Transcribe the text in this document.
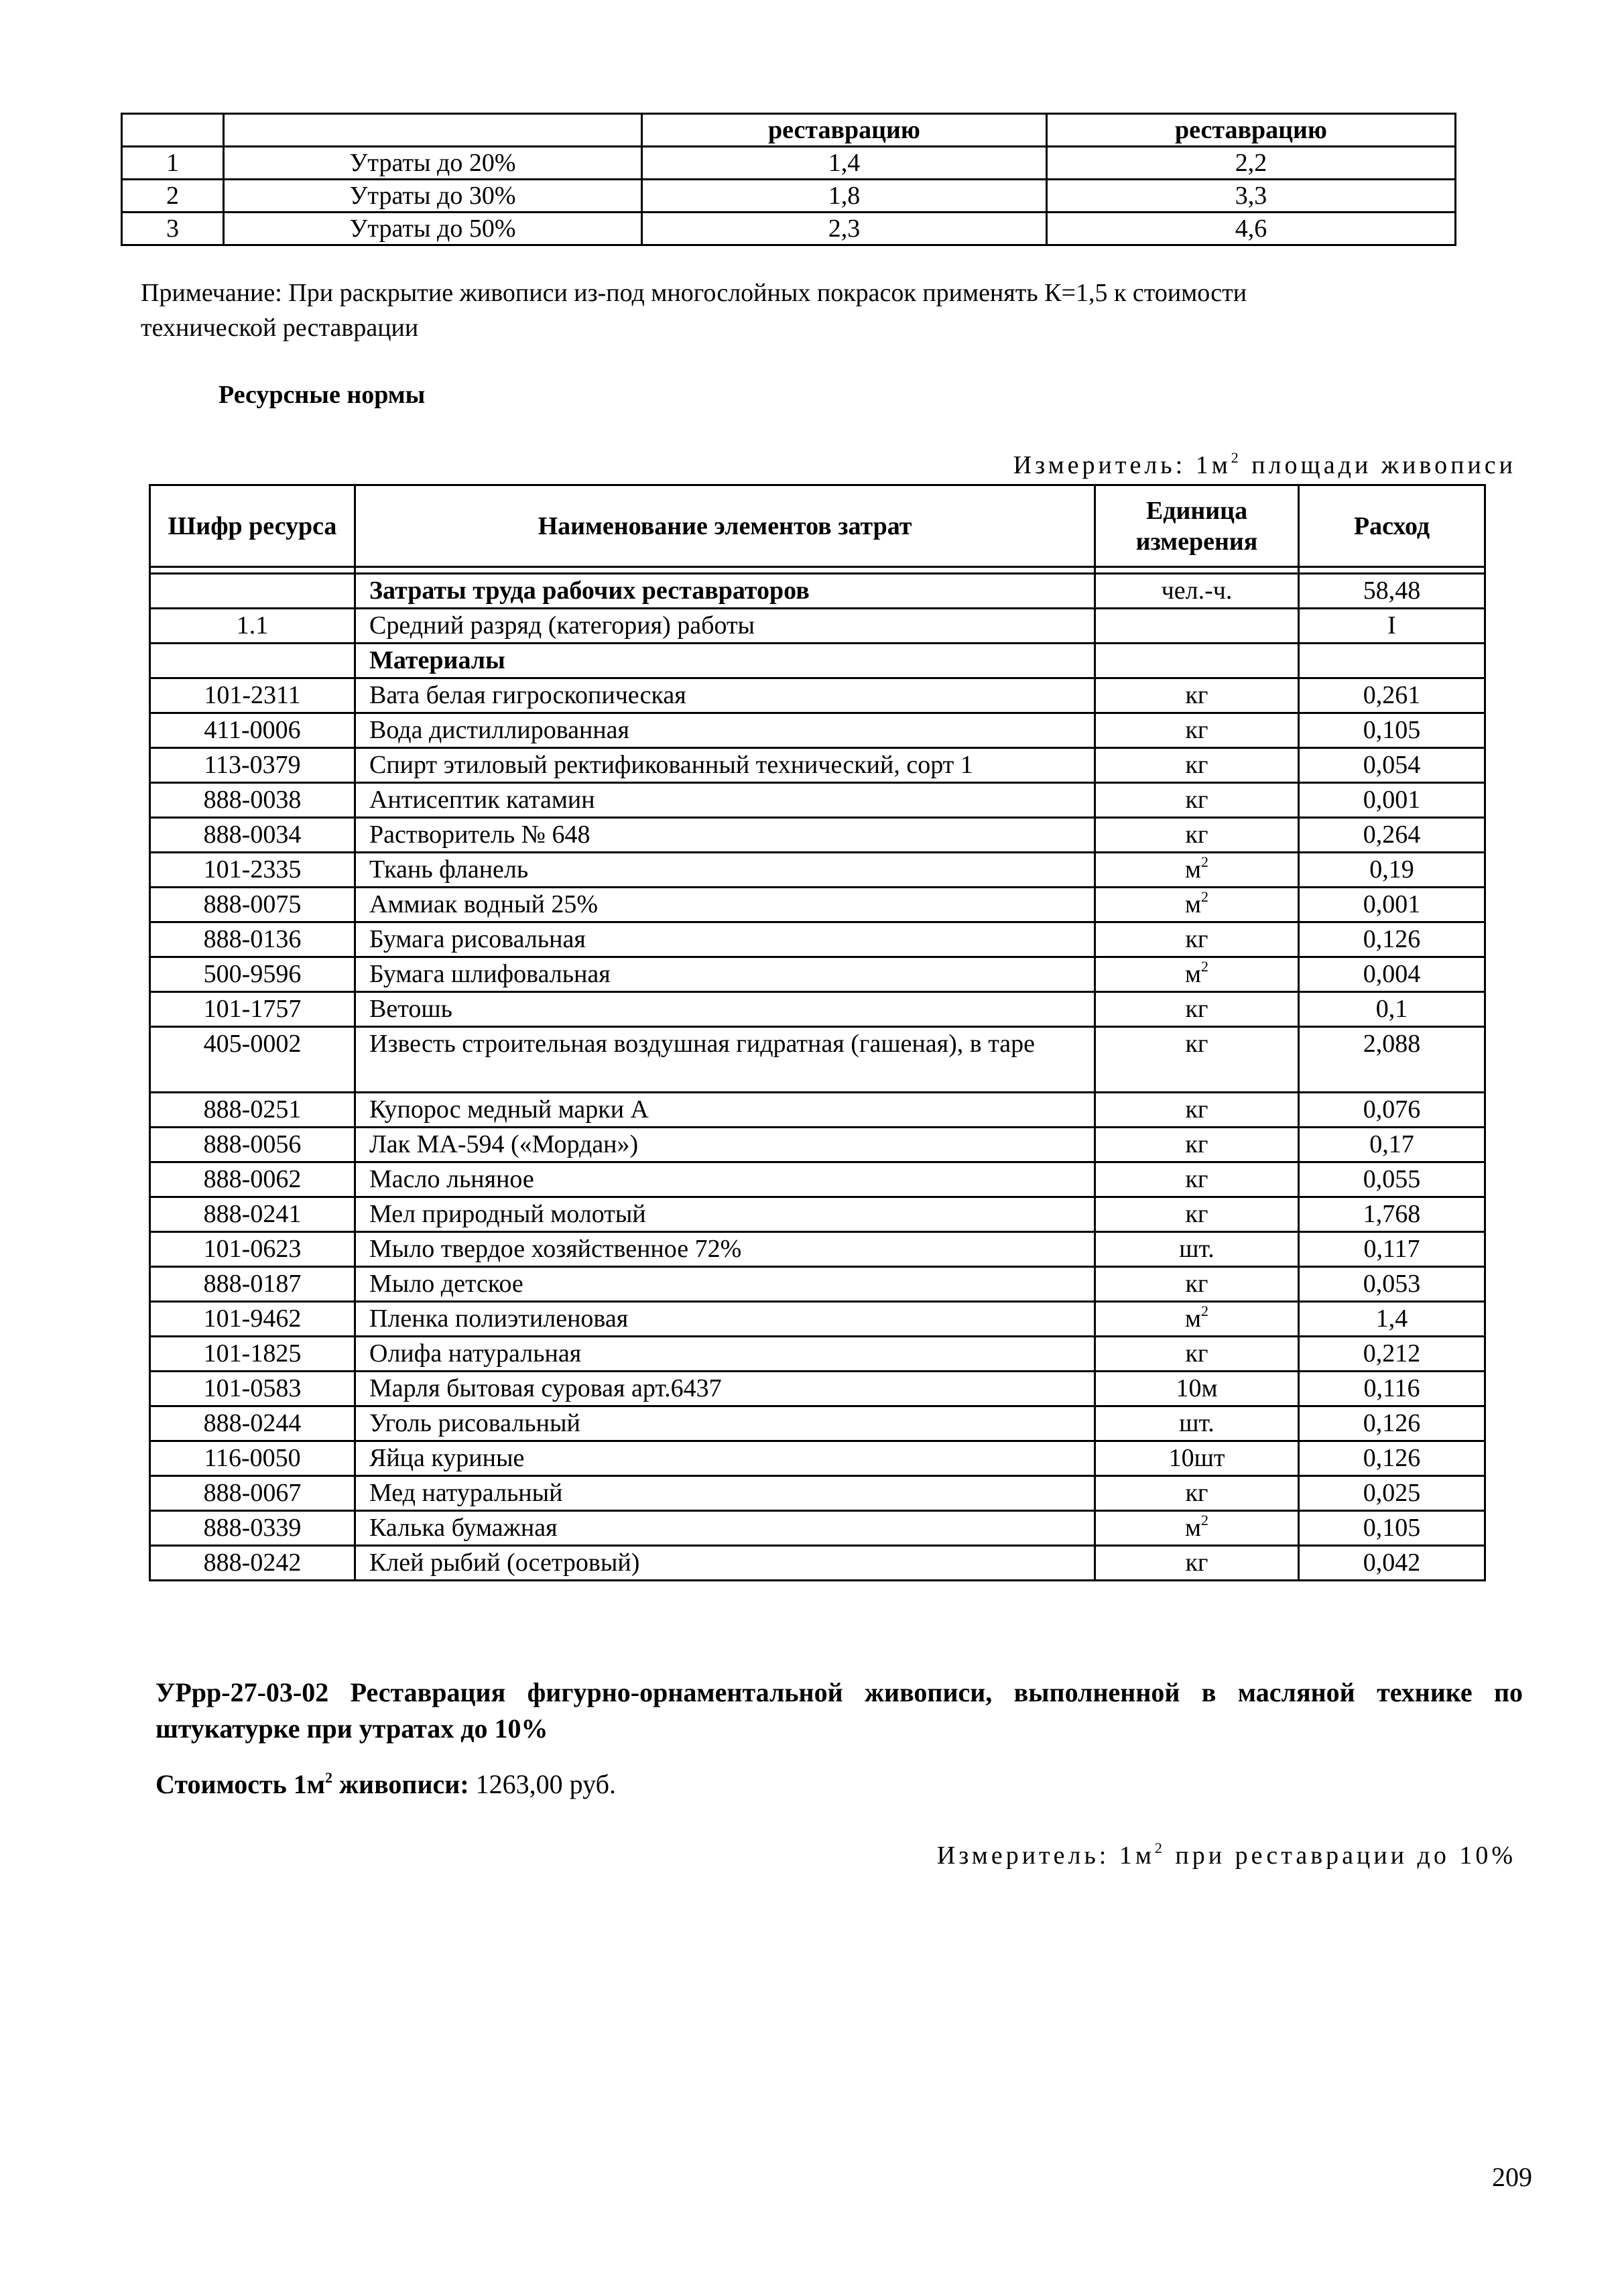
		реставрацию	реставрацию
1	Утраты до 20%	1,4	2,2
2	Утраты до 30%	1,8	3,3
3	Утраты до 50%	2,3	4,6
Примечание: При раскрытие живописи из-под многослойных покрасок применять К=1,5 к стоимости
технической реставрации
Ресурсные нормы
Измеритель: $1м^2$ площади живописи
Шифр ресурса	Наименование элементов затрат	Единица измерения	Расход

	Затраты труда рабочих реставраторов	чел.-ч.	58,48
1.1	Средний разряд (категория) работы		I
	Материалы		
101-2311	Вата белая гигроскопическая	кг	0,261
411-0006	Вода дистиллированная	кг	0,105
113-0379	Спирт этиловый ректификованный технический, сорт 1	кг	0,054
888-0038	Антисептик катамин	кг	0,001
888-0034	Растворитель № 648	кг	0,264
101-2335	Ткань фланель	$м^2$	0,19
888-0075	Аммиак водный 25%	$м^2$	0,001
888-0136	Бумага рисовальная	кг	0,126
500-9596	Бумага шлифовальная	$м^2$	0,004
101-1757	Ветошь	кг	0,1
405-0002	Известь строительная воздушная гидратная (гашеная), в таре	кг	2,088
888-0251	Купорос медный марки А	кг	0,076
888-0056	Лак МА-594 («Мордан»)	кг	0,17
888-0062	Масло льняное	кг	0,055
888-0241	Мел природный молотый	кг	1,768
101-0623	Мыло твердое хозяйственное 72%	шт.	0,117
888-0187	Мыло детское	кг	0,053
101-9462	Пленка полиэтиленовая	$м^2$	1,4
101-1825	Олифа натуральная	кг	0,212
101-0583	Марля бытовая суровая арт.6437	10м	0,116
888-0244	Уголь рисовальный	шт.	0,126
116-0050	Яйца куриные	10шт	0,126
888-0067	Мед натуральный	кг	0,025
888-0339	Калька бумажная	$м^2$	0,105
888-0242	Клей рыбий (осетровый)	кг	0,042
УРрр-27-03-02 Реставрация фигурно-орнаментальной живописи, выполненной в масляной технике по штукатурке при утратах до 10%
Стоимость $1м^2$ живописи: 1263,00 руб.
Измеритель: $1м^2$ при реставрации до 10%
209
